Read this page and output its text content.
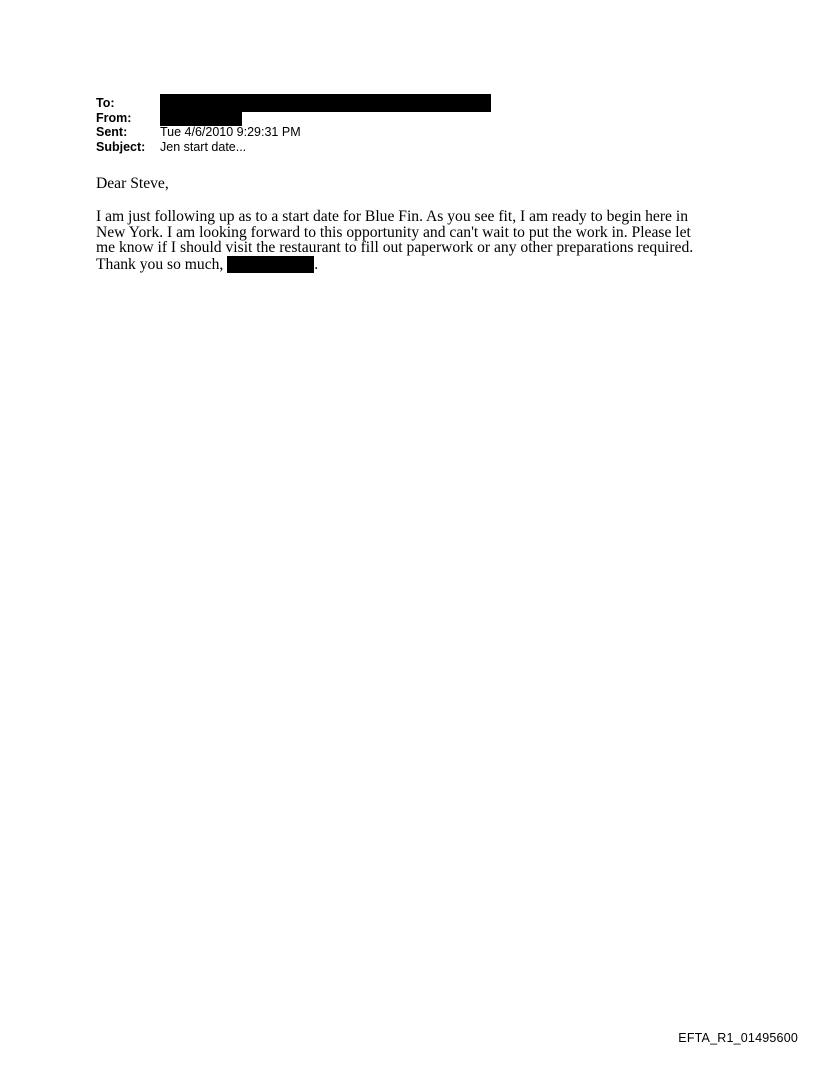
To:
From:
Sent:	Tue 4/6/2010 9:29:31 PM
Subject:	Jen start date...
Dear Steve,
I am just following up as to a start date for Blue Fin. As you see fit, I am ready to begin here in
New York. I am looking forward to this opportunity and can't wait to put the work in. Please let
me know if I should visit the restaurant to fill out paperwork or any other preparations required.
Thank you so much,	.
EFTA_R1_01495600
